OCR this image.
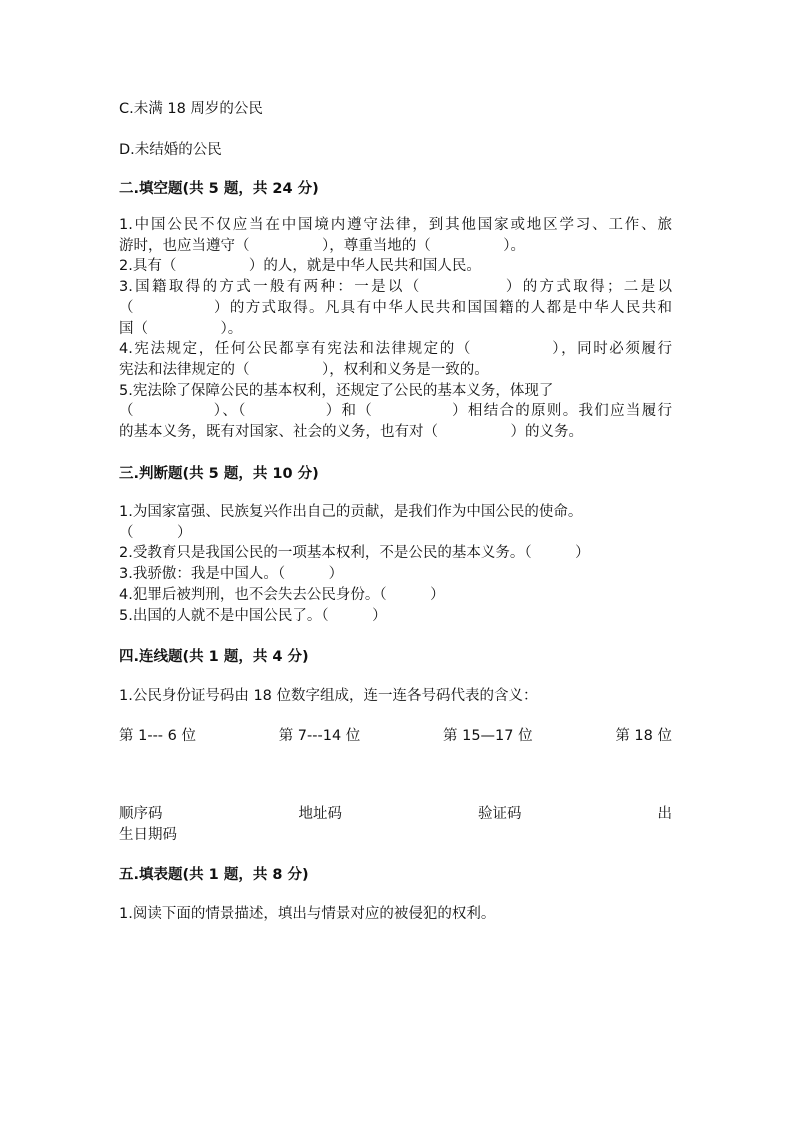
C.未满 18 周岁的公民
D.未结婚的公民
二.填空题(共 5 题，共 24 分)
1.中国公民不仅应当在中国境内遵守法律，到其他国家或地区学习、工作、旅
游时，也应当遵守（　　　　　），尊重当地的（　　　　　）。
2.具有（　　　　　）的人，就是中华人民共和国人民。
3.国籍取得的方式一般有两种：一是以（　　　　　）的方式取得；二是以
（　　　　　）的方式取得。凡具有中华人民共和国国籍的人都是中华人民共和
国（　　　　　）。
4.宪法规定，任何公民都享有宪法和法律规定的（　　　　　），同时必须履行
宪法和法律规定的（　　　　　），权利和义务是一致的。
5.宪法除了保障公民的基本权利，还规定了公民的基本义务，体现了
（　　　　　）、（　　　　　）和（　　　　　）相结合的原则。我们应当履行
的基本义务，既有对国家、社会的义务，也有对（　　　　　）的义务。
三.判断题(共 5 题，共 10 分)
1.为国家富强、民族复兴作出自己的贡献，是我们作为中国公民的使命。
（　　　）
2.受教育只是我国公民的一项基本权利，不是公民的基本义务。（　　　）
3.我骄傲：我是中国人。（　　　）
4.犯罪后被判刑，也不会失去公民身份。（　　　）
5.出国的人就不是中国公民了。（　　　）
四.连线题(共 1 题，共 4 分)
1.公民身份证号码由 18 位数字组成，连一连各号码代表的含义：
第 1--- 6 位	第 7---14 位	第 15—17 位	第 18 位
顺序码	地址码	验证码	出
生日期码
五.填表题(共 1 题，共 8 分)
1.阅读下面的情景描述，填出与情景对应的被侵犯的权利。
